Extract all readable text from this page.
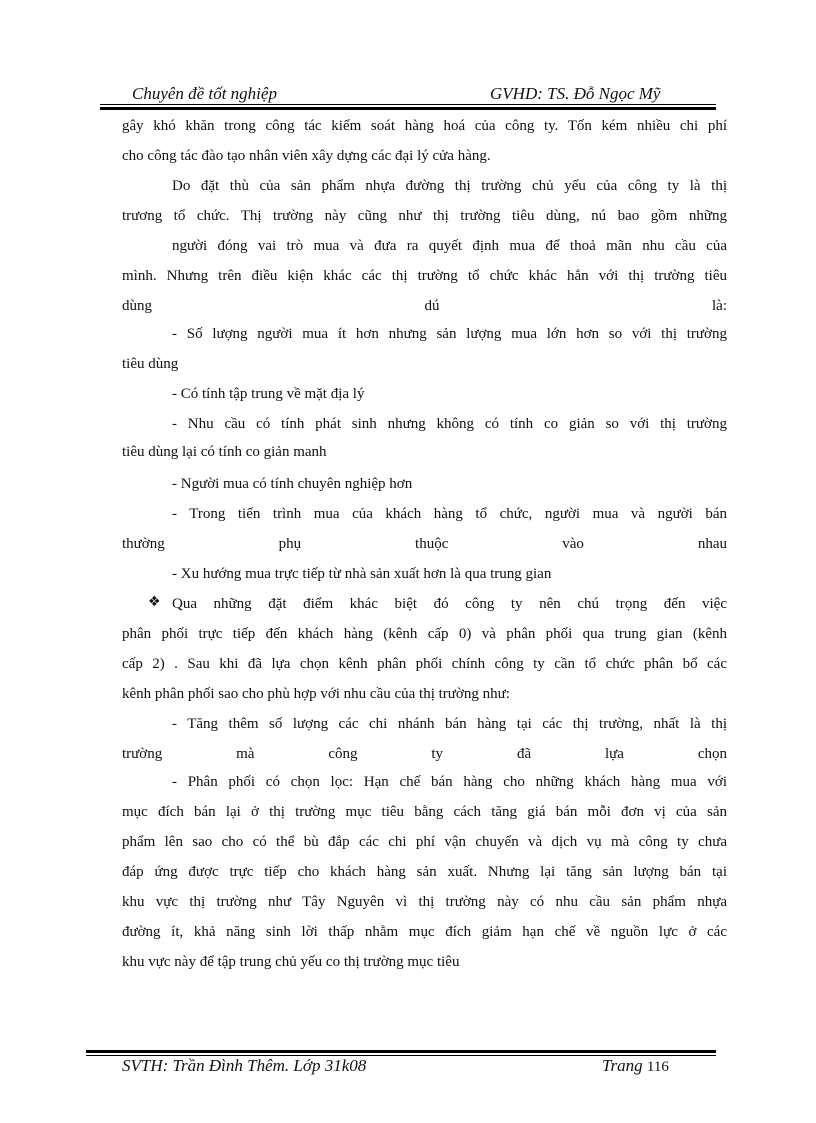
Chuyên đề tốt nghiệp	GVHD: TS. Đỗ Ngọc Mỹ
gây khó khăn trong công tác kiểm soát hàng hoá của công ty. Tốn kém nhiều chi phí
cho công tác đào tạo nhân viên xây dựng các đại lý cửa hàng.
Do đặt thù của sản phẩm nhựa đường thị trường chủ yếu của công ty là thị
trương tổ chức. Thị trường này cũng như thị trường tiêu dùng, nú bao gồm những
người đóng vai trò mua và đưa ra quyết định mua để thoả mãn nhu cầu của
mình. Nhưng trên điều kiện khác các thị trường tổ chức khác hẳn với thị trường tiêu
dùng dú là:
- Số lượng người mua ít hơn nhưng sản lượng mua lớn hơn so với thị trường
tiêu dùng
- Có tính tập trung về mặt địa lý
- Nhu cầu có tính phát sinh nhưng không có tính co giản so với thị trường
tiêu dùng lại có tính co giản manh
- Người mua có tính chuyên nghiệp hơn
- Trong tiến trình mua của khách hàng tổ chức, người mua và người bán
thường phụ thuộc vào nhau
- Xu hướng mua trực tiếp từ nhà sản xuất hơn là qua trung gian
❖ Qua những đặt điểm khác biệt đó công ty nên chú trọng đến việc
phân phối trực tiếp đến khách hàng (kênh cấp 0) và phân phối qua trung gian (kênh
cấp 2) . Sau khi đã lựa chọn kênh phân phối chính công ty cần tổ chức phân bổ các
kênh phân phối sao cho phù hợp với nhu cầu của thị trường như:
- Tăng thêm số lượng các chi nhánh bán hàng tại các thị trường, nhất là thị
trường mà công ty đã lựa chọn
- Phân phối có chọn lọc: Hạn chế bán hàng cho những khách hàng mua với
mục đích bán lại ở thị trường mục tiêu bằng cách tăng giá bán mỗi đơn vị của sản
phẩm lên sao cho có thể bù đắp các chi phí vận chuyển và dịch vụ mà công ty chưa
đáp ứng được trực tiếp cho khách hàng sản xuất. Nhưng lại tăng sản lượng bán tại
khu vực thị trường như Tây Nguyên vì thị trường này có nhu cầu sản phẩm nhựa
đường ít, khả năng sinh lời thấp nhằm mục đích giảm hạn chế về nguồn lực ở các
khu vực này để tập trung chủ yếu co thị trường mục tiêu
SVTH: Trần Đình Thêm. Lớp 31k08	Trang 116
